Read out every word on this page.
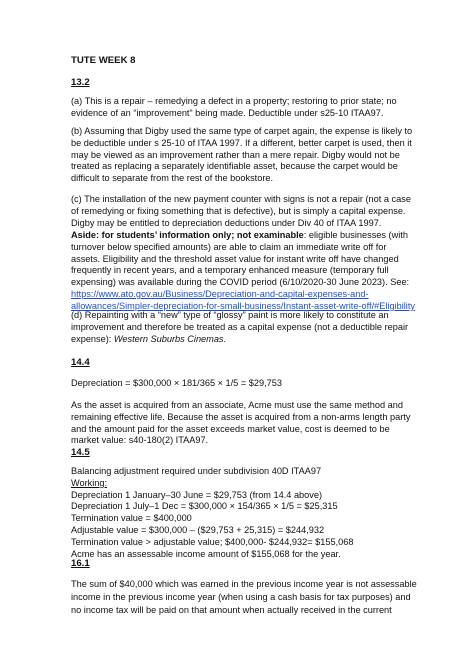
TUTE WEEK 8
13.2
(a) This is a repair – remedying a defect in a property; restoring to prior state; no
evidence of an “improvement” being made. Deductible under s25-10 ITAA97.
(b) Assuming that Digby used the same type of carpet again, the expense is likely to
be deductible under s 25-10 of ITAA 1997. If a different, better carpet is used, then it
may be viewed as an improvement rather than a mere repair. Digby would not be
treated as replacing a separately identifiable asset, because the carpet would be
difficult to separate from the rest of the bookstore.
(c) The installation of the new payment counter with signs is not a repair (not a case
of remedying or fixing something that is defective), but is simply a capital expense.
Digby may be entitled to depreciation deductions under Div 40 of ITAA 1997.
Aside: for students’ information only; not examinable: eligible businesses (with
turnover below specified amounts) are able to claim an immediate write off for
assets. Eligibility and the threshold asset value for instant write off have changed
frequently in recent years, and a temporary enhanced measure (temporary full
expensing) was available during the COVID period (6/10/2020-30 June 2023). See:
https://www.ato.gov.au/Business/Depreciation-and-capital-expenses-and-
allowances/Simpler-depreciation-for-small-business/Instant-asset-write-off/#Eligibility
(d) Repainting with a “new” type of “glossy” paint is more likely to constitute an
improvement and therefore be treated as a capital expense (not a deductible repair
expense): Western Suburbs Cinemas.
14.4
Depreciation = $300,000 × 181/365 × 1/5 = $29,753
As the asset is acquired from an associate, Acme must use the same method and
remaining effective life. Because the asset is acquired from a non-arms length party
and the amount paid for the asset exceeds market value, cost is deemed to be
market value: s40-180(2) ITAA97.
14.5
Balancing adjustment required under subdivision 40D ITAA97
Working:
Depreciation 1 January–30 June = $29,753 (from 14.4 above)
Depreciation 1 July–1 Dec = $300,000 × 154/365 × 1/5 = $25,315
Termination value = $400,000
Adjustable value = $300,000 – ($29,753 + 25,315) = $244,932
Termination value > adjustable value; $400,000- $244,932= $155,068
Acme has an assessable income amount of $155,068 for the year.
16.1
The sum of $40,000 which was earned in the previous income year is not assessable
income in the previous income year (when using a cash basis for tax purposes) and
no income tax will be paid on that amount when actually received in the current
